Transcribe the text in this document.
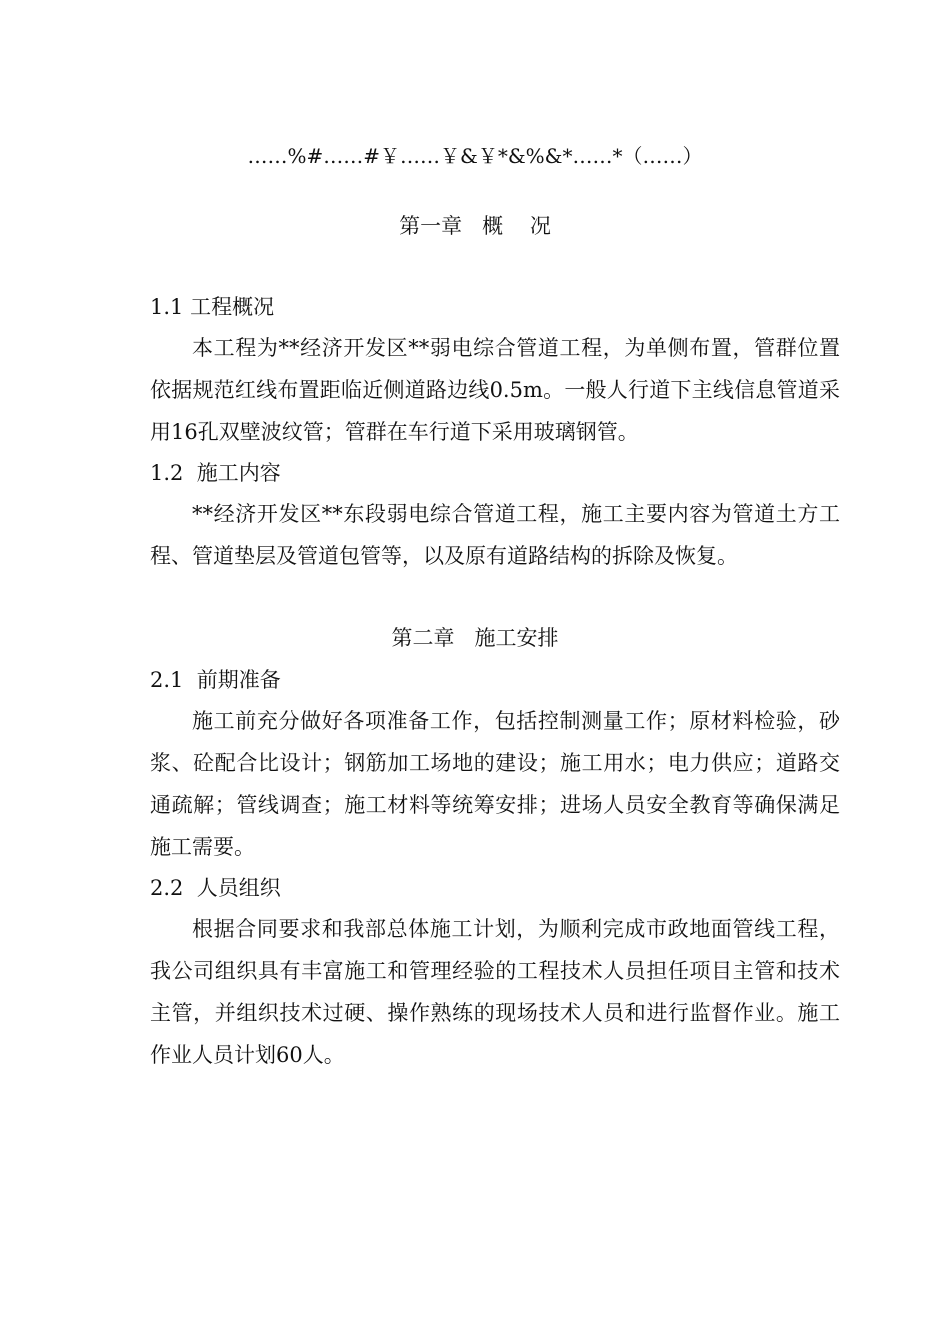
……%#……#￥……￥&￥*&%&*……*（……）
第一章   概    况
1.1 工程概况

本工程为**经济开发区**弱电综合管道工程，为单侧布置，管群位置依据规范红线布置距临近侧道路边线0.5m。一般人行道下主线信息管道采用16孔双壁波纹管；管群在车行道下采用玻璃钢管。

1.2  施工内容

**经济开发区**东段弱电综合管道工程，施工主要内容为管道土方工程、管道垫层及管道包管等，以及原有道路结构的拆除及恢复。

第二章   施工安排
2.1  前期准备

施工前充分做好各项准备工作，包括控制测量工作；原材料检验，砂浆、砼配合比设计；钢筋加工场地的建设；施工用水；电力供应；道路交通疏解；管线调查；施工材料等统筹安排；进场人员安全教育等确保满足施工需要。

2.2  人员组织

根据合同要求和我部总体施工计划，为顺利完成市政地面管线工程，我公司组织具有丰富施工和管理经验的工程技术人员担任项目主管和技术主管，并组织技术过硬、操作熟练的现场技术人员和进行监督作业。施工作业人员计划60人。
